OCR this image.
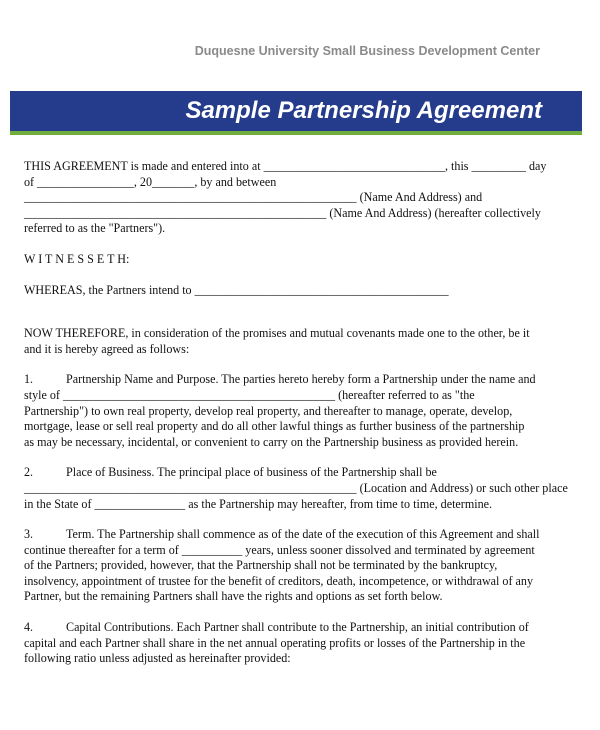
Duquesne University Small Business Development Center
Sample Partnership Agreement

THIS AGREEMENT is made and entered into at ______________________________, this _________ day

of ________________, 20_______, by and between

_______________________________________________________ (Name And Address) and

__________________________________________________ (Name And Address) (hereafter collectively

referred to as the "Partners").

W I T N E S S E T H:

WHEREAS, the Partners intend to __________________________________________

NOW THEREFORE, in consideration of the promises and mutual covenants made one to the other, be it

and it is hereby agreed as follows:

1.	Partnership Name and Purpose. The parties hereto hereby form a Partnership under the name and

style of _____________________________________________ (hereafter referred to as "the

Partnership") to own real property, develop real property, and thereafter to manage, operate, develop,

mortgage, lease or sell real property and do all other lawful things as further business of the partnership

as may be necessary, incidental, or convenient to carry on the Partnership business as provided herein.

2.	Place of Business. The principal place of business of the Partnership shall be

_______________________________________________________ (Location and Address) or such other place

in the State of _______________ as the Partnership may hereafter, from time to time, determine.

3.	Term. The Partnership shall commence as of the date of the execution of this Agreement and shall

continue thereafter for a term of __________ years, unless sooner dissolved and terminated by agreement

of the Partners; provided, however, that the Partnership shall not be terminated by the bankruptcy,

insolvency, appointment of trustee for the benefit of creditors, death, incompetence, or withdrawal of any

Partner, but the remaining Partners shall have the rights and options as set forth below.

4.	Capital Contributions. Each Partner shall contribute to the Partnership, an initial contribution of

capital and each Partner shall share in the net annual operating profits or losses of the Partnership in the

following ratio unless adjusted as hereinafter provided:
